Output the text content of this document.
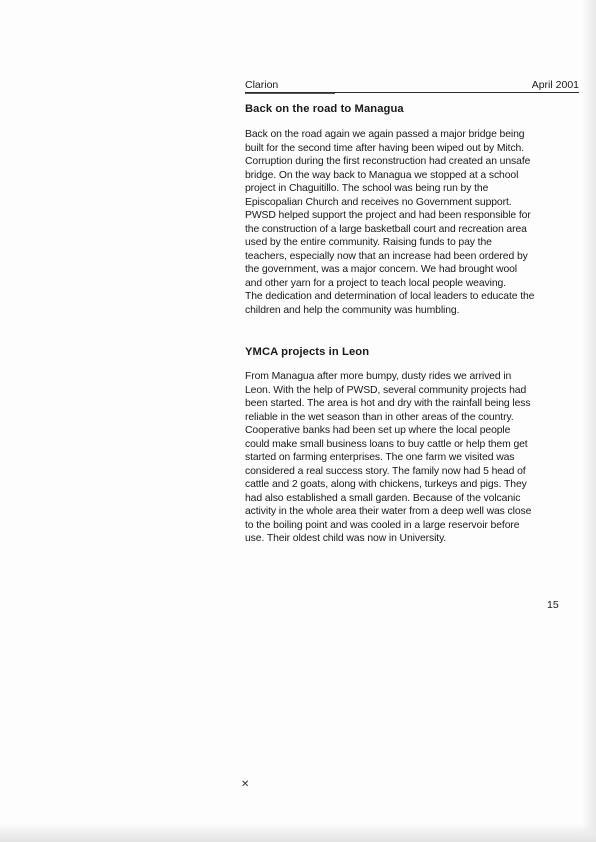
Clarion	April 2001
Back on the road to Managua
Back on the road again we again passed a major bridge being
built for the second time after having been wiped out by Mitch.
Corruption during the first reconstruction had created an unsafe
bridge. On the way back to Managua we stopped at a school
project in Chaguitillo. The school was being run by the
Episcopalian Church and receives no Government support.
PWSD helped support the project and had been responsible for
the construction of a large basketball court and recreation area
used by the entire community. Raising funds to pay the
teachers, especially now that an increase had been ordered by
the government, was a major concern. We had brought wool
and other yarn for a project to teach local people weaving.
The dedication and determination of local leaders to educate the
children and help the community was humbling.
YMCA projects in Leon
From Managua after more bumpy, dusty rides we arrived in
Leon. With the help of PWSD, several community projects had
been started. The area is hot and dry with the rainfall being less
reliable in the wet season than in other areas of the country.
Cooperative banks had been set up where the local people
could make small business loans to buy cattle or help them get
started on farming enterprises. The one farm we visited was
considered a real success story. The family now had 5 head of
cattle and 2 goats, along with chickens, turkeys and pigs. They
had also established a small garden. Because of the volcanic
activity in the whole area their water from a deep well was close
to the boiling point and was cooled in a large reservoir before
use. Their oldest child was now in University.
15
✕
